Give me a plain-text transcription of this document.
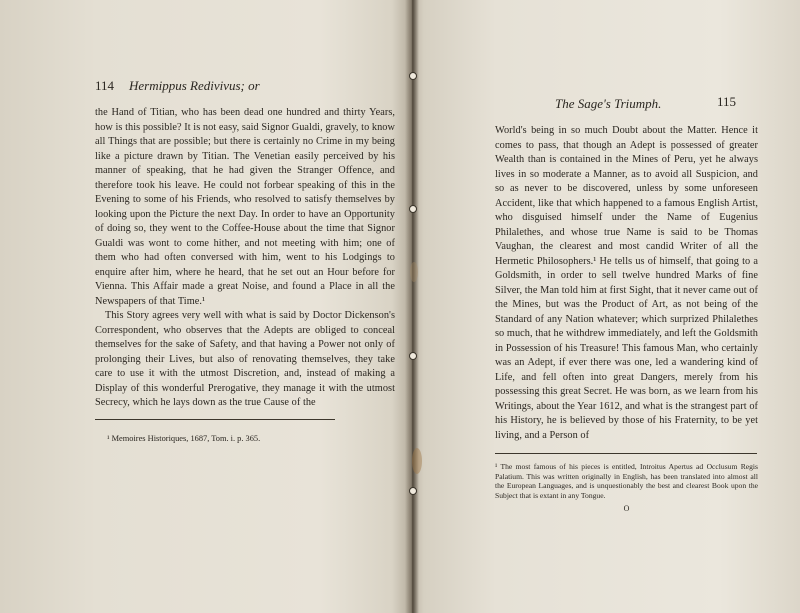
114 Hermippus Redivivus; or

the Hand of Titian, who has been dead one hundred and thirty Years, how is this possible? It is not easy, said Signor Gualdi, gravely, to know all Things that are possible; but there is certainly no Crime in my being like a picture drawn by Titian. The Venetian easily perceived by his manner of speaking, that he had given the Stranger Offence, and therefore took his leave. He could not forbear speaking of this in the Evening to some of his Friends, who resolved to satisfy themselves by looking upon the Picture the next Day. In order to have an Opportunity of doing so, they went to the Coffee-House about the time that Signor Gualdi was wont to come hither, and not meeting with him; one of them who had often conversed with him, went to his Lodgings to enquire after him, where he heard, that he set out an Hour before for Vienna. This Affair made a great Noise, and found a Place in all the Newspapers of that Time.¹

This Story agrees very well with what is said by Doctor Dickenson's Correspondent, who observes that the Adepts are obliged to conceal themselves for the sake of Safety, and that having a Power not only of prolonging their Lives, but also of renovating themselves, they take care to use it with the utmost Discretion, and, instead of making a Display of this wonderful Prerogative, they manage it with the utmost Secrecy, which he lays down as the true Cause of the

¹ Memoires Historiques, 1687, Tom. i. p. 365.
The Sage's Triumph.	115

World's being in so much Doubt about the Matter. Hence it comes to pass, that though an Adept is possessed of greater Wealth than is contained in the Mines of Peru, yet he always lives in so moderate a Manner, as to avoid all Suspicion, and so as never to be discovered, unless by some unforeseen Accident, like that which happened to a famous English Artist, who disguised himself under the Name of Eugenius Philalethes, and whose true Name is said to be Thomas Vaughan, the clearest and most candid Writer of all the Hermetic Philosophers.¹ He tells us of himself, that going to a Goldsmith, in order to sell twelve hundred Marks of fine Silver, the Man told him at first Sight, that it never came out of the Mines, but was the Product of Art, as not being of the Standard of any Nation whatever; which surprized Philalethes so much, that he withdrew immediately, and left the Goldsmith in Possession of his Treasure! This famous Man, who certainly was an Adept, if ever there was one, led a wandering kind of Life, and fell often into great Dangers, merely from his possessing this great Secret. He was born, as we learn from his Writings, about the Year 1612, and what is the strangest part of his History, he is believed by those of his Fraternity, to be yet living, and a Person of

¹ The most famous of his pieces is entitled, Introitus Apertus ad Occlusum Regis Palatium. This was written originally in English, has been translated into almost all the European Languages, and is unquestionably the best and clearest Book upon the Subject that is extant in any Tongue.
O
